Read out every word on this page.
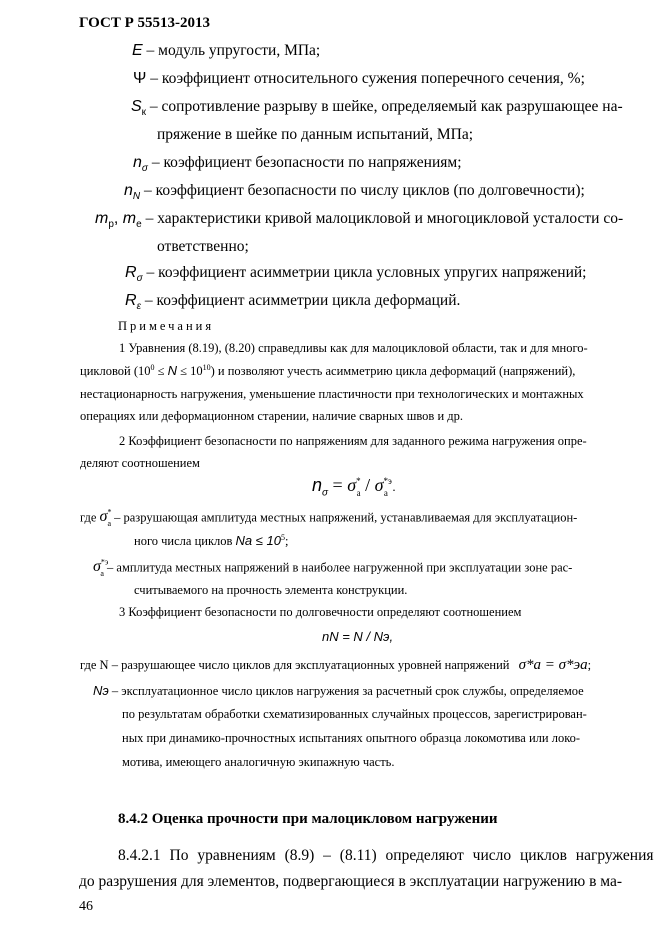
ГОСТ Р 55513-2013
E – модуль упругости, МПа;
Ψ – коэффициент относительного сужения поперечного сечения, %;
$S_к$ – сопротивление разрыву в шейке, определяемый как разрушающее на-
пряжение в шейке по данным испытаний, МПа;
$n_\sigma$ – коэффициент безопасности по напряжениям;
$n_N$ – коэффициент безопасности по числу циклов (по долговечности);
$m_р$, $m_е$ – характеристики кривой малоцикловой и многоцикловой усталости со-
ответственно;
$R_\sigma$ – коэффициент асимметрии цикла условных упругих напряжений;
$R_\varepsilon$ – коэффициент асимметрии цикла деформаций.
Примечания
1 Уравнения (8.19), (8.20) справедливы как для малоцикловой области, так и для много-
цикловой $(10^0 \le N \le 10^{10})$ и позволяют учесть асимметрию цикла деформаций (напряжений),
нестационарность нагружения, уменьшение пластичности при технологических и монтажных
операциях или деформационном старении, наличие сварных швов и др.
2 Коэффициент безопасности по напряжениям для заданного режима нагружения опре-
деляют соотношением
$n_\sigma = \sigma^*_а / \sigma^{*э}_а$ .
где $\sigma^*_а$ – разрушающая амплитуда местных напряжений, устанавливаемая для эксплуатацион-
ного числа циклов Nа ≤ $10^5$;
$\sigma^{*э}_а$ – амплитуда местных напряжений в наиболее нагруженной при эксплуатации зоне рас-
считываемого на прочность элемента конструкции.
3 Коэффициент безопасности по долговечности определяют соотношением
nN = N / Nэ,
где N – разрушающее число циклов для эксплуатационных уровней напряжений σ*а = σ*эа;
Nэ – эксплуатационное число циклов нагружения за расчетный срок службы, определяемое
по результатам обработки схематизированных случайных процессов, зарегистрирован-
ных при динамико-прочностных испытаниях опытного образца локомотива или локо-
мотива, имеющего аналогичную экипажную часть.
8.4.2 Оценка прочности при малоцикловом нагружении
8.4.2.1 По уравнениям (8.9) – (8.11) определяют число циклов нагружения
до разрушения для элементов, подвергающиеся в эксплуатации нагружению в ма-
46
